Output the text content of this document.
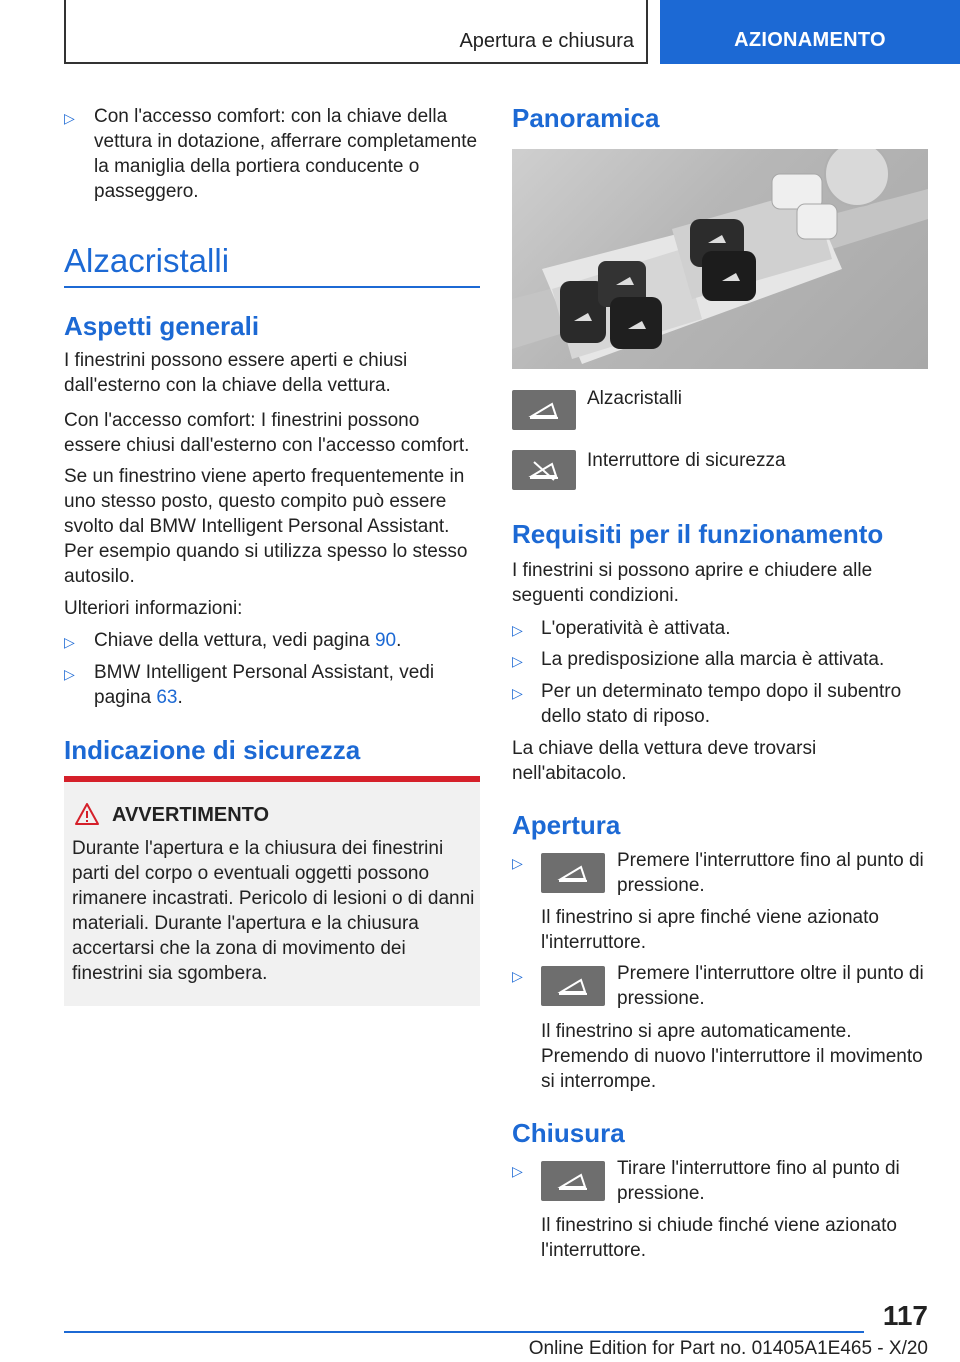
Apertura e chiusura	AZIONAMENTO
▷ Con l'accesso comfort: con la chiave della vettura in dotazione, afferrare completamente la maniglia della portiera conducente o passeggero.

Alzacristalli
Aspetti generali

I finestrini possono essere aperti e chiusi dall'esterno con la chiave della vettura.

Con l'accesso comfort: I finestrini possono essere chiusi dall'esterno con l'accesso comfort.

Se un finestrino viene aperto frequentemente in uno stesso posto, questo compito può essere svolto dal BMW Intelligent Personal Assistant. Per esempio quando si utilizza spesso lo stesso autosilo.

Ulteriori informazioni:

▷ Chiave della vettura, vedi pagina 90.

▷ BMW Intelligent Personal Assistant, vedi pagina 63.

Indicazione di sicurezza
AVVERTIMENTO

Durante l'apertura e la chiusura dei finestrini parti del corpo o eventuali oggetti possono rimanere incastrati. Pericolo di lesioni o di danni materiali. Durante l'apertura e la chiusura accertarsi che la zona di movimento dei finestrini sia sgombera.

Panoramica
Alzacristalli
Interruttore di sicurezza
Requisiti per il funzionamento

I finestrini si possono aprire e chiudere alle seguenti condizioni.

▷ L'operatività è attivata.

▷ La predisposizione alla marcia è attivata.

▷ Per un determinato tempo dopo il subentro dello stato di riposo.

La chiave della vettura deve trovarsi nell'abitacolo.

Apertura
▷	Premere l'interruttore fino al punto di pressione.

Il finestrino si apre finché viene azionato l'interruttore.

▷	Premere l'interruttore oltre il punto di pressione.

Il finestrino si apre automaticamente. Premendo di nuovo l'interruttore il movimento si interrompe.

Chiusura
▷	Tirare l'interruttore fino al punto di pressione.

Il finestrino si chiude finché viene azionato l'interruttore.

117
Online Edition for Part no. 01405A1E465 - X/20
